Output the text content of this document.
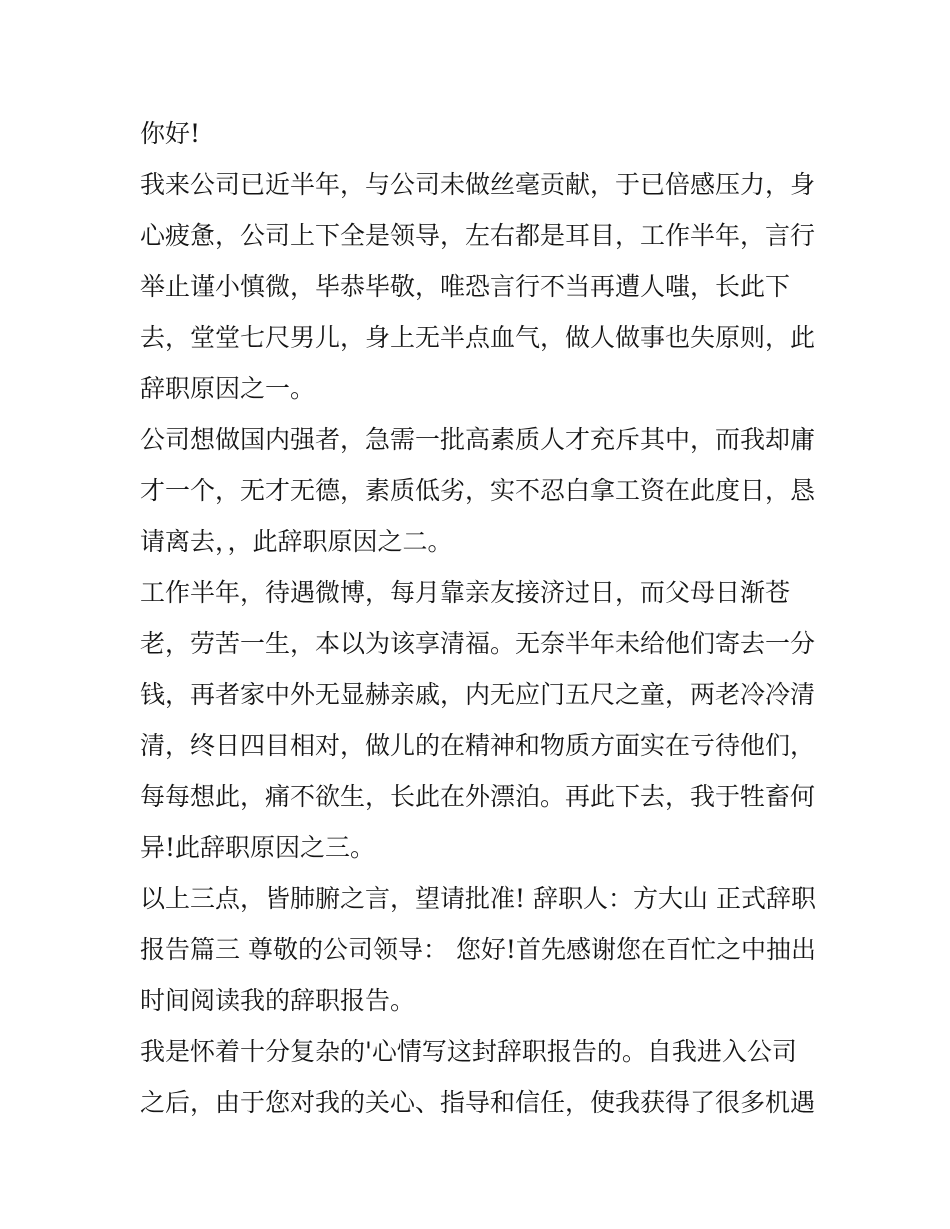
你好!
我来公司已近半年，与公司未做丝毫贡献，于已倍感压力，身
心疲惫，公司上下全是领导，左右都是耳目，工作半年，言行
举止谨小慎微，毕恭毕敬，唯恐言行不当再遭人嗤，长此下
去，堂堂七尺男儿，身上无半点血气，做人做事也失原则，此
辞职原因之一。
公司想做国内强者，急需一批高素质人才充斥其中，而我却庸
才一个，无才无德，素质低劣，实不忍白拿工资在此度日，恳
请离去，，此辞职原因之二。
工作半年，待遇微博，每月靠亲友接济过日，而父母日渐苍
老，劳苦一生，本以为该享清福。无奈半年未给他们寄去一分
钱，再者家中外无显赫亲戚，内无应门五尺之童，两老冷冷清
清，终日四目相对，做儿的在精神和物质方面实在亏待他们，
每每想此，痛不欲生，长此在外漂泊。再此下去，我于牲畜何
异!此辞职原因之三。
以上三点，皆肺腑之言，望请批准! 辞职人：方大山 正式辞职
报告篇三 尊敬的公司领导： 您好!首先感谢您在百忙之中抽出
时间阅读我的辞职报告。
我是怀着十分复杂的'心情写这封辞职报告的。自我进入公司
之后，由于您对我的关心、指导和信任，使我获得了很多机遇
